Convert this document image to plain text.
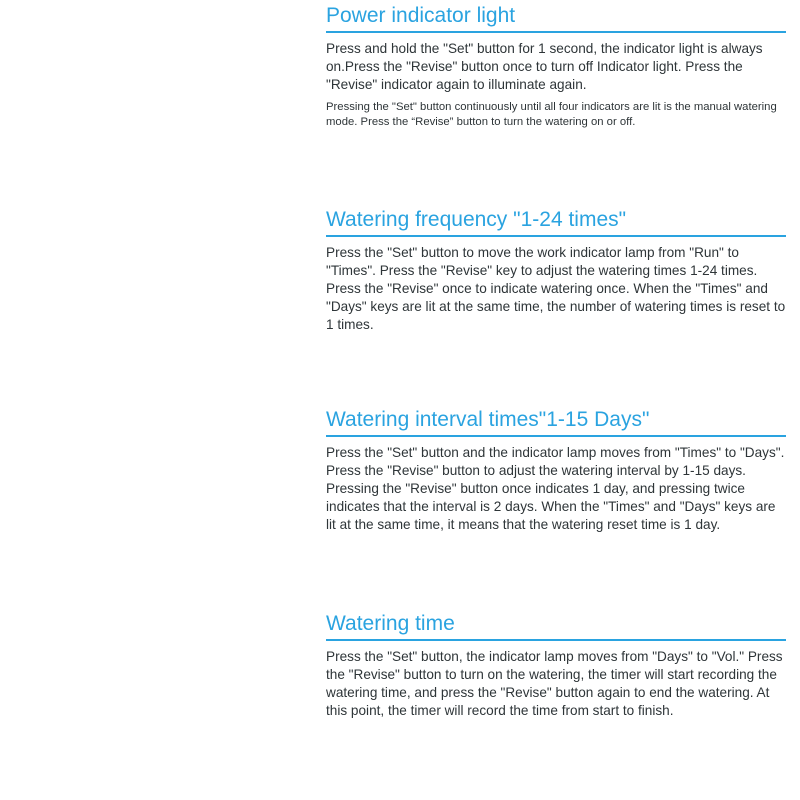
Power indicator light

Press and hold the "Set" button for 1 second, the indicator light is always on.Press the "Revise" button once to turn off Indicator light. Press the "Revise" indicator again to illuminate again.

Pressing the "Set" button continuously until all four indicators are lit is the manual watering mode. Press the “Revise” button to turn the watering on or off.

Watering frequency "1-24 times"

Press the "Set" button to move the work indicator lamp from "Run" to "Times". Press the "Revise" key to adjust the watering times 1-24 times. Press the "Revise" once to indicate watering once. When the "Times" and "Days" keys are lit at the same time, the number of watering times is reset to 1 times.

Watering interval times"1-15 Days"

Press the "Set" button and the indicator lamp moves from "Times" to "Days". Press the "Revise" button to adjust the watering interval by 1-15 days. Pressing the "Revise" button once indicates 1 day, and pressing twice indicates that the interval is 2 days. When the "Times" and "Days" keys are lit at the same time, it means that the watering reset time is 1 day.

Watering time

Press the "Set" button, the indicator lamp moves from "Days" to "Vol." Press the "Revise" button to turn on the watering, the timer will start recording the watering time, and press the "Revise" button again to end the watering. At this point, the timer will record the time from start to finish.
